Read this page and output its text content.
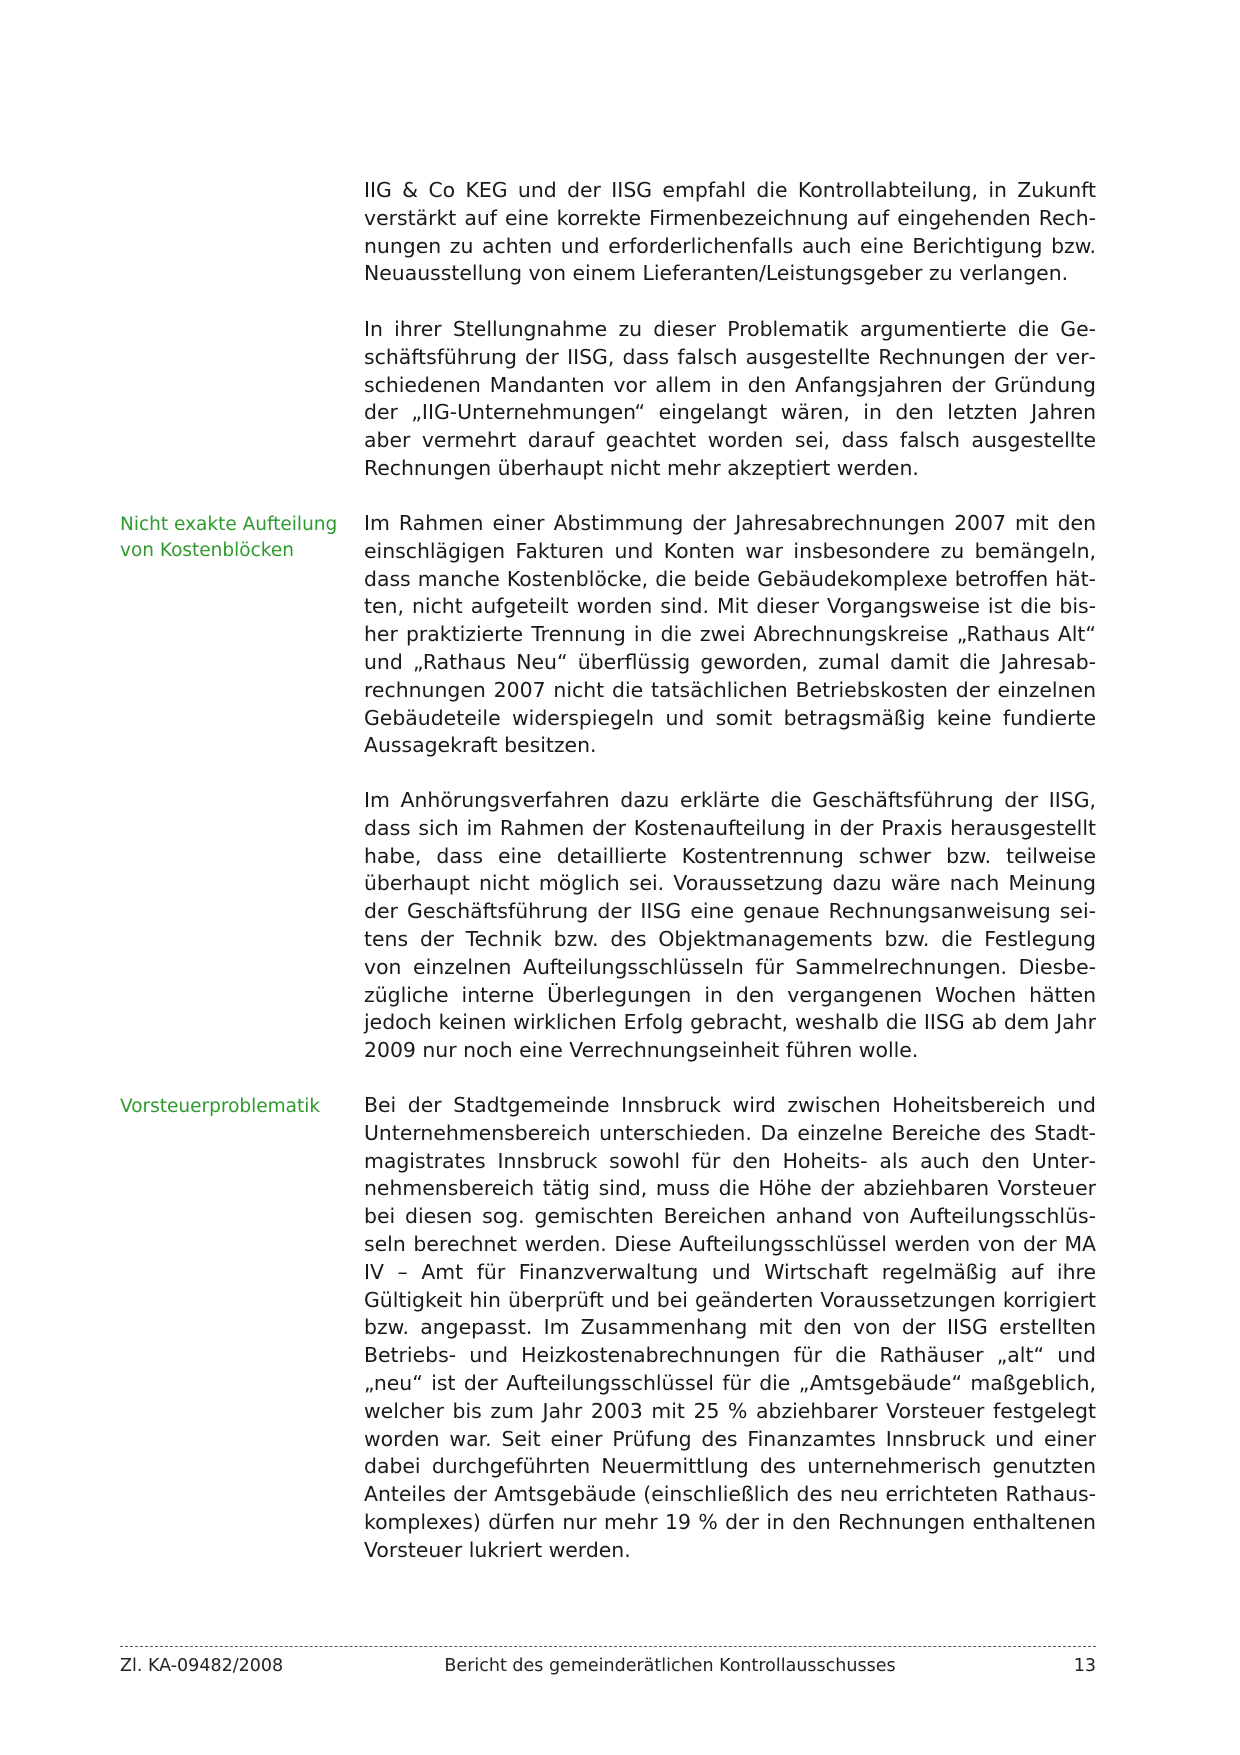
IIG & Co KEG und der IISG empfahl die Kontrollabteilung, in Zukunft verstärkt auf eine korrekte Firmenbezeichnung auf eingehenden Rechnungen zu achten und erforderlichenfalls auch eine Berichtigung bzw. Neuausstellung von einem Lieferanten/Leistungsgeber zu verlangen.

In ihrer Stellungnahme zu dieser Problematik argumentierte die Geschäftsführung der IISG, dass falsch ausgestellte Rechnungen der verschiedenen Mandanten vor allem in den Anfangsjahren der Gründung der „IIG-Unternehmungen“ eingelangt wären, in den letzten Jahren aber vermehrt darauf geachtet worden sei, dass falsch ausgestellte Rechnungen überhaupt nicht mehr akzeptiert werden.

Nicht exakte Aufteilung von Kostenblöcken

Im Rahmen einer Abstimmung der Jahresabrechnungen 2007 mit den einschlägigen Fakturen und Konten war insbesondere zu bemängeln, dass manche Kostenblöcke, die beide Gebäudekomplexe betroffen hätten, nicht aufgeteilt worden sind. Mit dieser Vorgangsweise ist die bisher praktizierte Trennung in die zwei Abrechnungskreise „Rathaus Alt“ und „Rathaus Neu“ überflüssig geworden, zumal damit die Jahresabrechnungen 2007 nicht die tatsächlichen Betriebskosten der einzelnen Gebäudeteile widerspiegeln und somit betragsmäßig keine fundierte Aussagekraft besitzen.

Im Anhörungsverfahren dazu erklärte die Geschäftsführung der IISG, dass sich im Rahmen der Kostenaufteilung in der Praxis herausgestellt habe, dass eine detaillierte Kostentrennung schwer bzw. teilweise überhaupt nicht möglich sei. Voraussetzung dazu wäre nach Meinung der Geschäftsführung der IISG eine genaue Rechnungsanweisung seitens der Technik bzw. des Objektmanagements bzw. die Festlegung von einzelnen Aufteilungsschlüsseln für Sammelrechnungen. Diesbezügliche interne Überlegungen in den vergangenen Wochen hätten jedoch keinen wirklichen Erfolg gebracht, weshalb die IISG ab dem Jahr 2009 nur noch eine Verrechnungseinheit führen wolle.

Vorsteuerproblematik	Bei der Stadtgemeinde Innsbruck wird zwischen Hoheitsbereich und Unternehmensbereich unterschieden. Da einzelne Bereiche des Stadtmagistrates Innsbruck sowohl für den Hoheits- als auch den Unternehmensbereich tätig sind, muss die Höhe der abziehbaren Vorsteuer bei diesen sog. gemischten Bereichen anhand von Aufteilungsschlüsseln berechnet werden. Diese Aufteilungsschlüssel werden von der MA IV – Amt für Finanzverwaltung und Wirtschaft regelmäßig auf ihre Gültigkeit hin überprüft und bei geänderten Voraussetzungen korrigiert bzw. angepasst. Im Zusammenhang mit den von der IISG erstellten Betriebs- und Heizkostenabrechnungen für die Rathäuser „alt“ und „neu“ ist der Aufteilungsschlüssel für die „Amtsgebäude“ maßgeblich, welcher bis zum Jahr 2003 mit 25 % abziehbarer Vorsteuer festgelegt worden war. Seit einer Prüfung des Finanzamtes Innsbruck und einer dabei durchgeführten Neuermittlung des unternehmerisch genutzten Anteiles der Amtsgebäude (einschließlich des neu errichteten Rathauskomplexes) dürfen nur mehr 19 % der in den Rechnungen enthaltenen Vorsteuer lukriert werden.

Zl. KA-09482/2008	Bericht des gemeinderätlichen Kontrollausschusses	13
